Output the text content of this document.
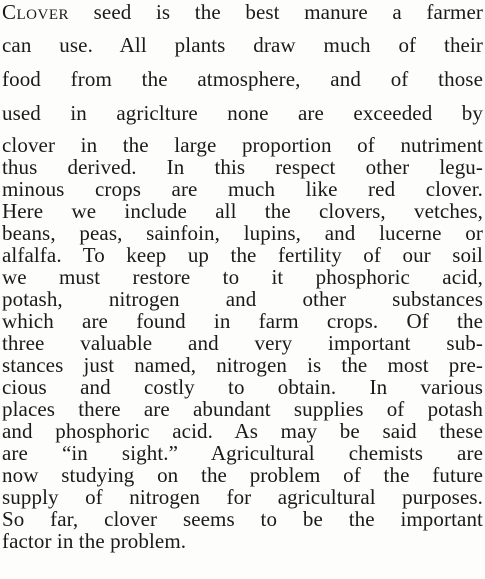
Clover seed is the best manure a farmer
can use. All plants draw much of their
food from the atmosphere, and of those
used in agriclture none are exceeded by
clover in the large proportion of nutriment
thus derived. In this respect other legu-
minous crops are much like red clover.
Here we include all the clovers, vetches,
beans, peas, sainfoin, lupins, and lucerne or
alfalfa. To keep up the fertility of our soil
we must restore to it phosphoric acid,
potash, nitrogen and other substances
which are found in farm crops. Of the
three valuable and very important sub-
stances just named, nitrogen is the most pre-
cious and costly to obtain. In various
places there are abundant supplies of potash
and phosphoric acid. As may be said these
are “in sight.” Agricultural chemists are
now studying on the problem of the future
supply of nitrogen for agricultural purposes.
So far, clover seems to be the important
factor in the problem.
